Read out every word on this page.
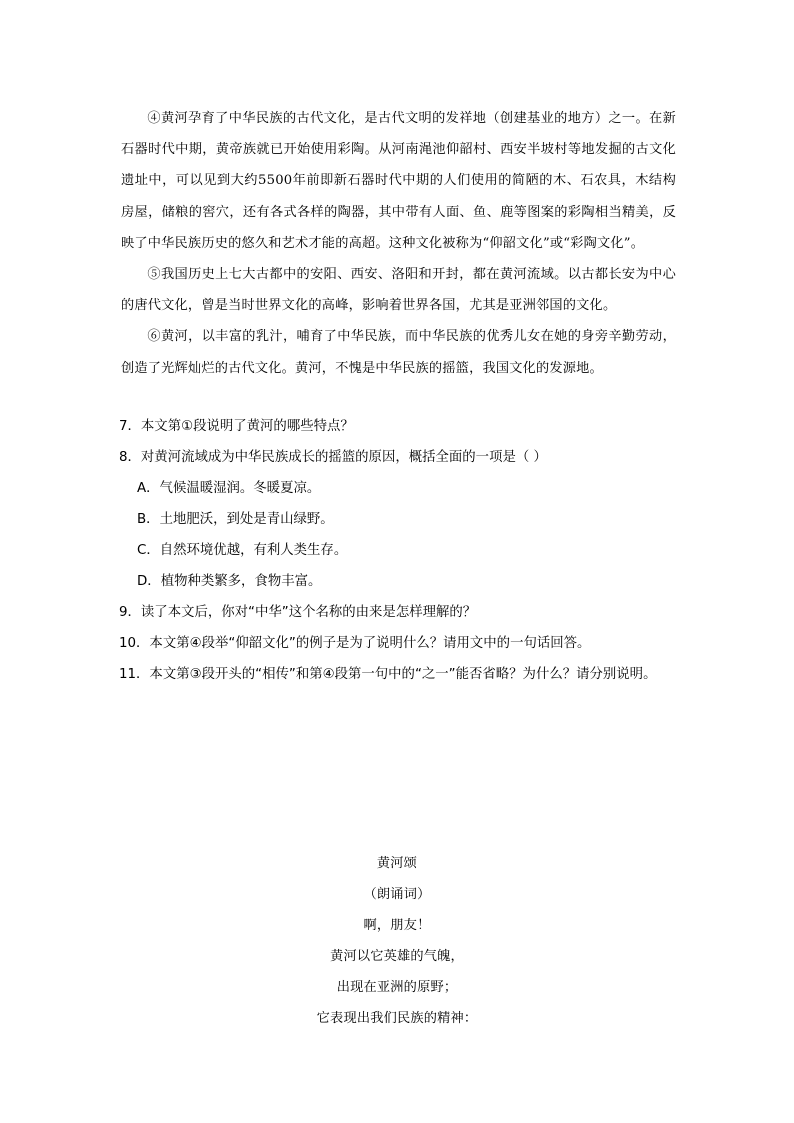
④黄河孕育了中华民族的古代文化，是古代文明的发祥地（创建基业的地方）之一。在新石器时代中期，黄帝族就已开始使用彩陶。从河南渑池仰韶村、西安半坡村等地发掘的古文化遗址中，可以见到大约5500年前即新石器时代中期的人们使用的简陋的木、石农具，木结构房屋，储粮的窖穴，还有各式各样的陶器，其中带有人面、鱼、鹿等图案的彩陶相当精美，反映了中华民族历史的悠久和艺术才能的高超。这种文化被称为“仰韶文化”或“彩陶文化”。

⑤我国历史上七大古都中的安阳、西安、洛阳和开封，都在黄河流域。以古都长安为中心的唐代文化，曾是当时世界文化的高峰，影响着世界各国，尤其是亚洲邻国的文化。

⑥黄河，以丰富的乳汁，哺育了中华民族，而中华民族的优秀儿女在她的身旁辛勤劳动，创造了光辉灿烂的古代文化。黄河，不愧是中华民族的摇篮，我国文化的发源地。

7．本文第①段说明了黄河的哪些特点？

8．对黄河流域成为中华民族成长的摇篮的原因，概括全面的一项是（ ）

A．气候温暖湿润。冬暖夏凉。

B．土地肥沃，到处是青山绿野。

C．自然环境优越，有利人类生存。

D．植物种类繁多，食物丰富。

9．读了本文后，你对“中华”这个名称的由来是怎样理解的？

10．本文第④段举“仰韶文化”的例子是为了说明什么？请用文中的一句话回答。

11．本文第③段开头的“相传”和第④段第一句中的“之一”能否省略？为什么？请分别说明。

黄河颂

（朗诵词）

啊，朋友！

黄河以它英雄的气魄，

出现在亚洲的原野；

它表现出我们民族的精神：
